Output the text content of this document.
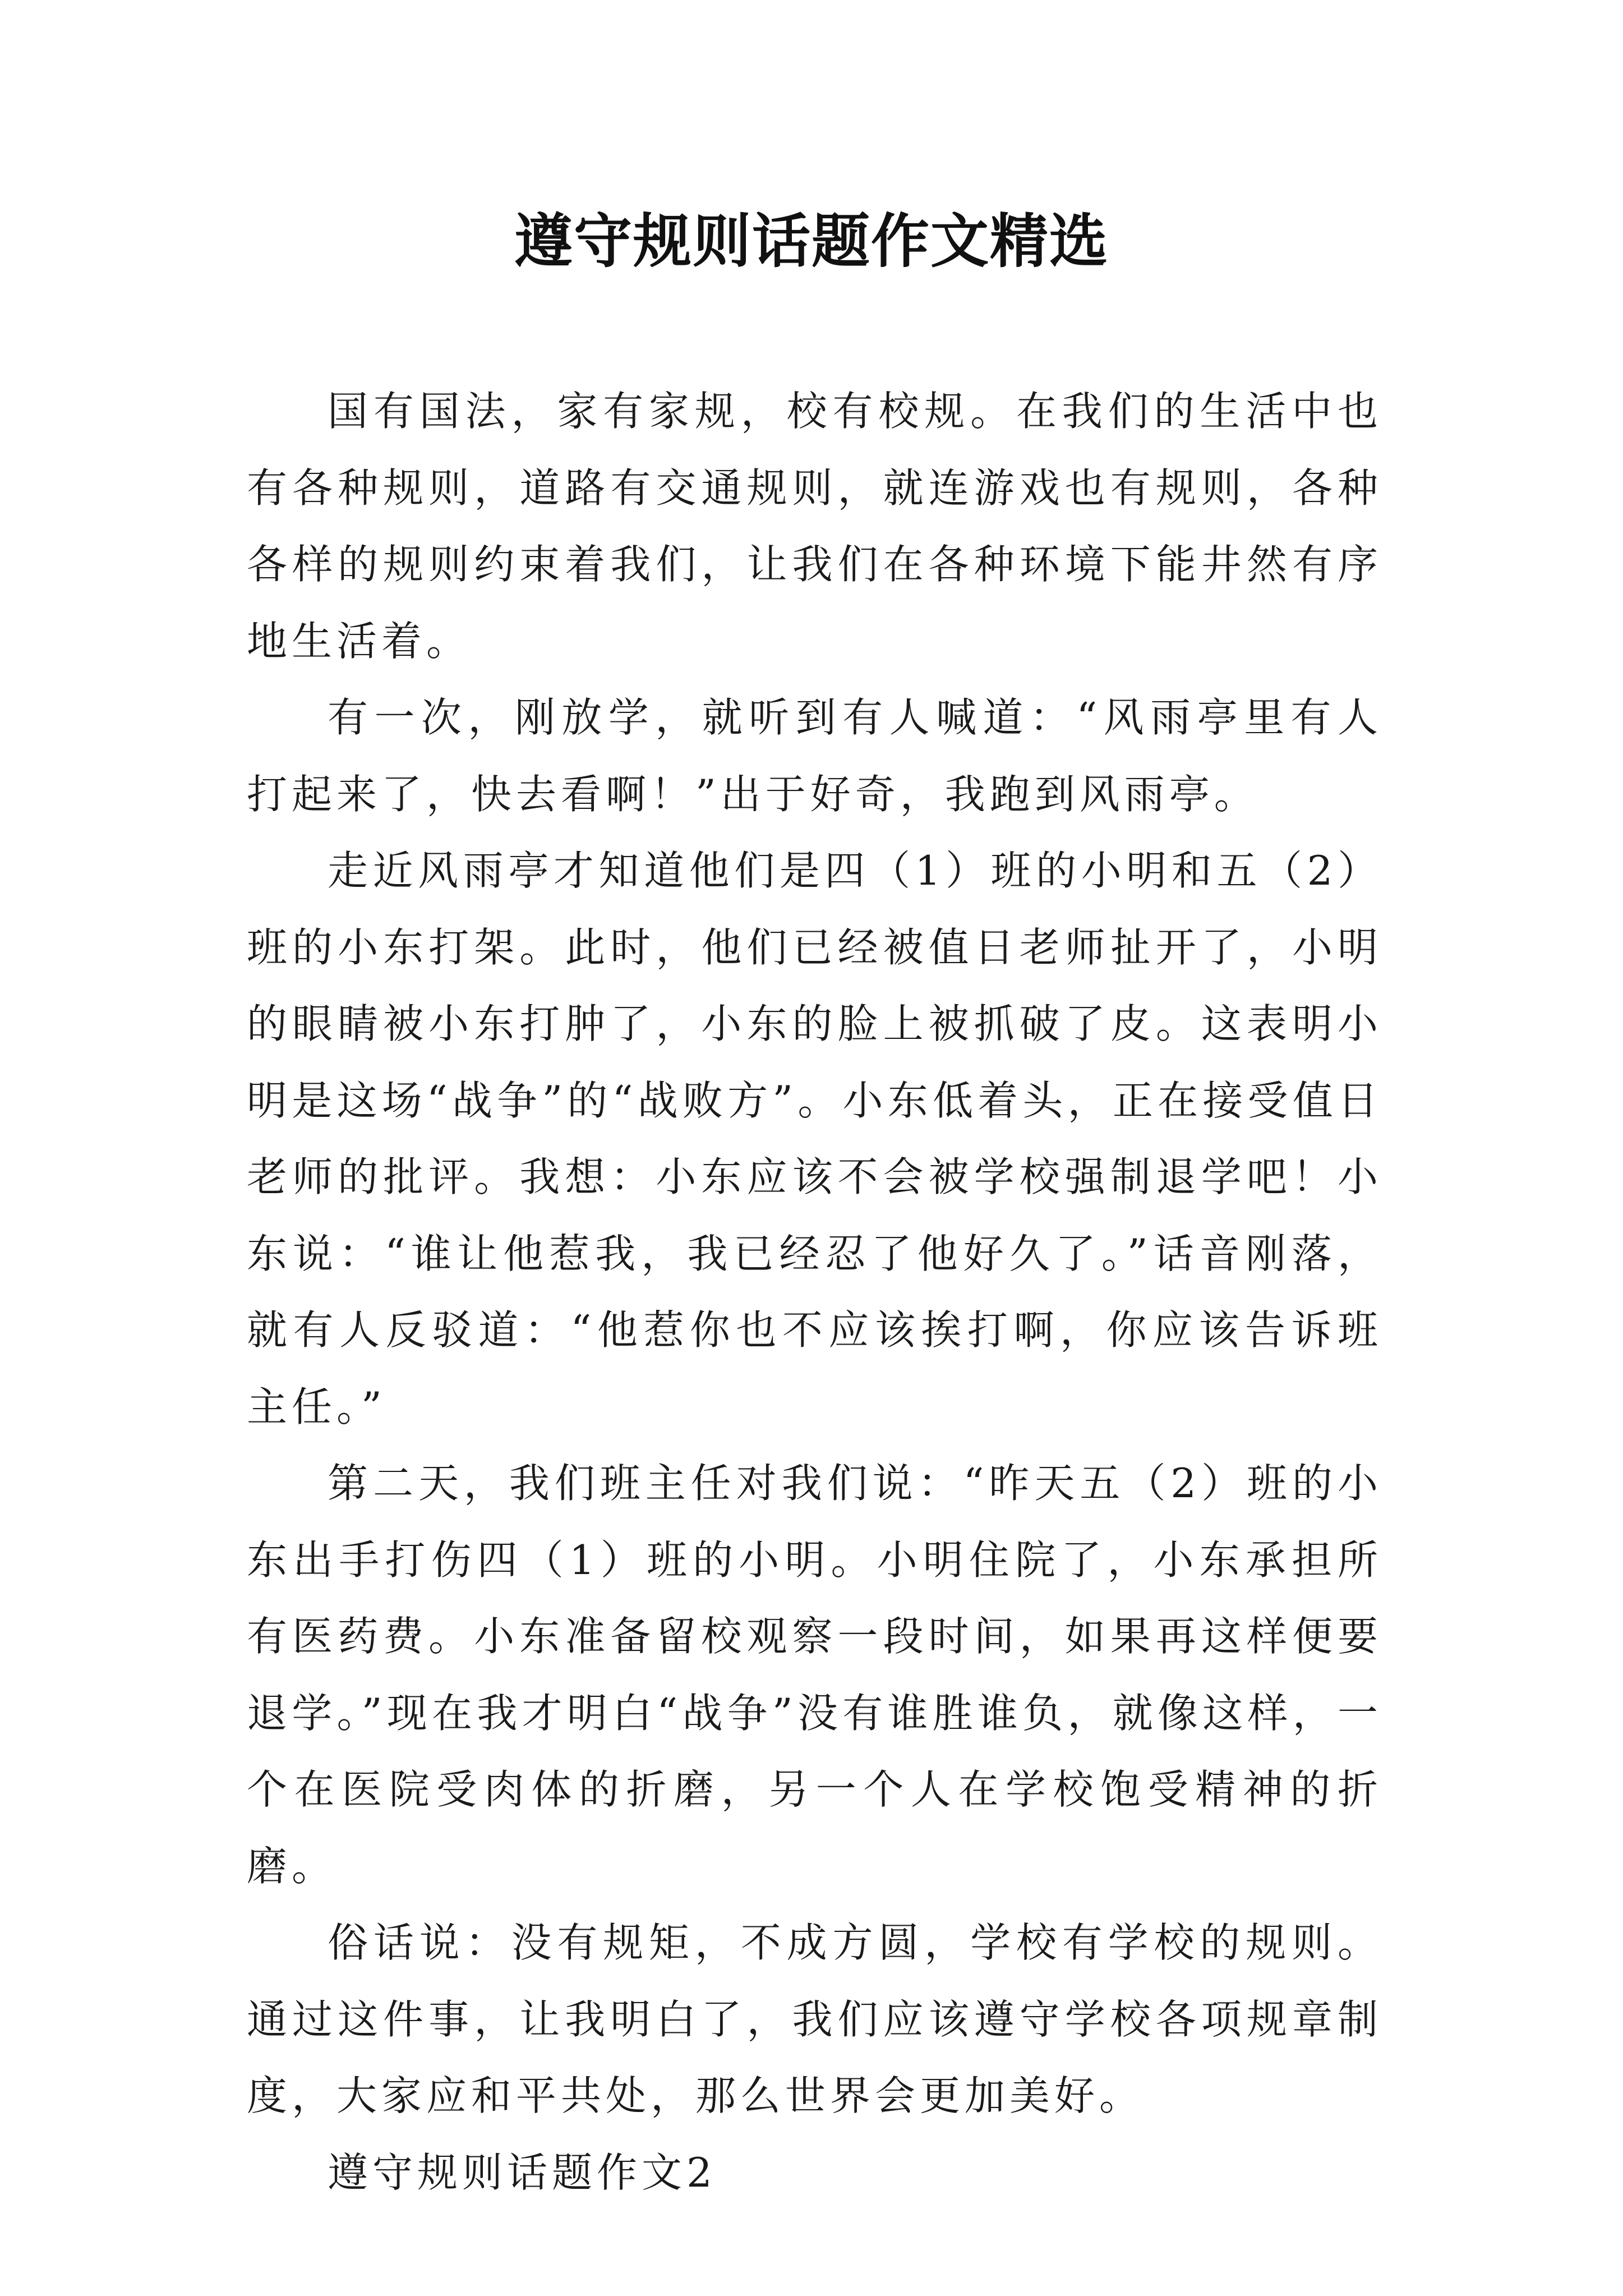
遵守规则话题作文精选

国有国法，家有家规，校有校规。在我们的生活中也有各种规则，道路有交通规则，就连游戏也有规则，各种各样的规则约束着我们，让我们在各种环境下能井然有序地生活着。

有一次，刚放学，就听到有人喊道：“风雨亭里有人打起来了，快去看啊！”出于好奇，我跑到风雨亭。

走近风雨亭才知道他们是四（1）班的小明和五（2）班的小东打架。此时，他们已经被值日老师扯开了，小明的眼睛被小东打肿了，小东的脸上被抓破了皮。这表明小明是这场“战争”的“战败方”。小东低着头，正在接受值日老师的批评。我想：小东应该不会被学校强制退学吧！小东说：“谁让他惹我，我已经忍了他好久了。”话音刚落，就有人反驳道：“他惹你也不应该挨打啊，你应该告诉班主任。”

第二天，我们班主任对我们说：“昨天五（2）班的小东出手打伤四（1）班的小明。小明住院了，小东承担所有医药费。小东准备留校观察一段时间，如果再这样便要退学。”现在我才明白“战争”没有谁胜谁负，就像这样，一个在医院受肉体的折磨，另一个人在学校饱受精神的折磨。

俗话说：没有规矩，不成方圆，学校有学校的规则。通过这件事，让我明白了，我们应该遵守学校各项规章制度，大家应和平共处，那么世界会更加美好。

遵守规则话题作文2
